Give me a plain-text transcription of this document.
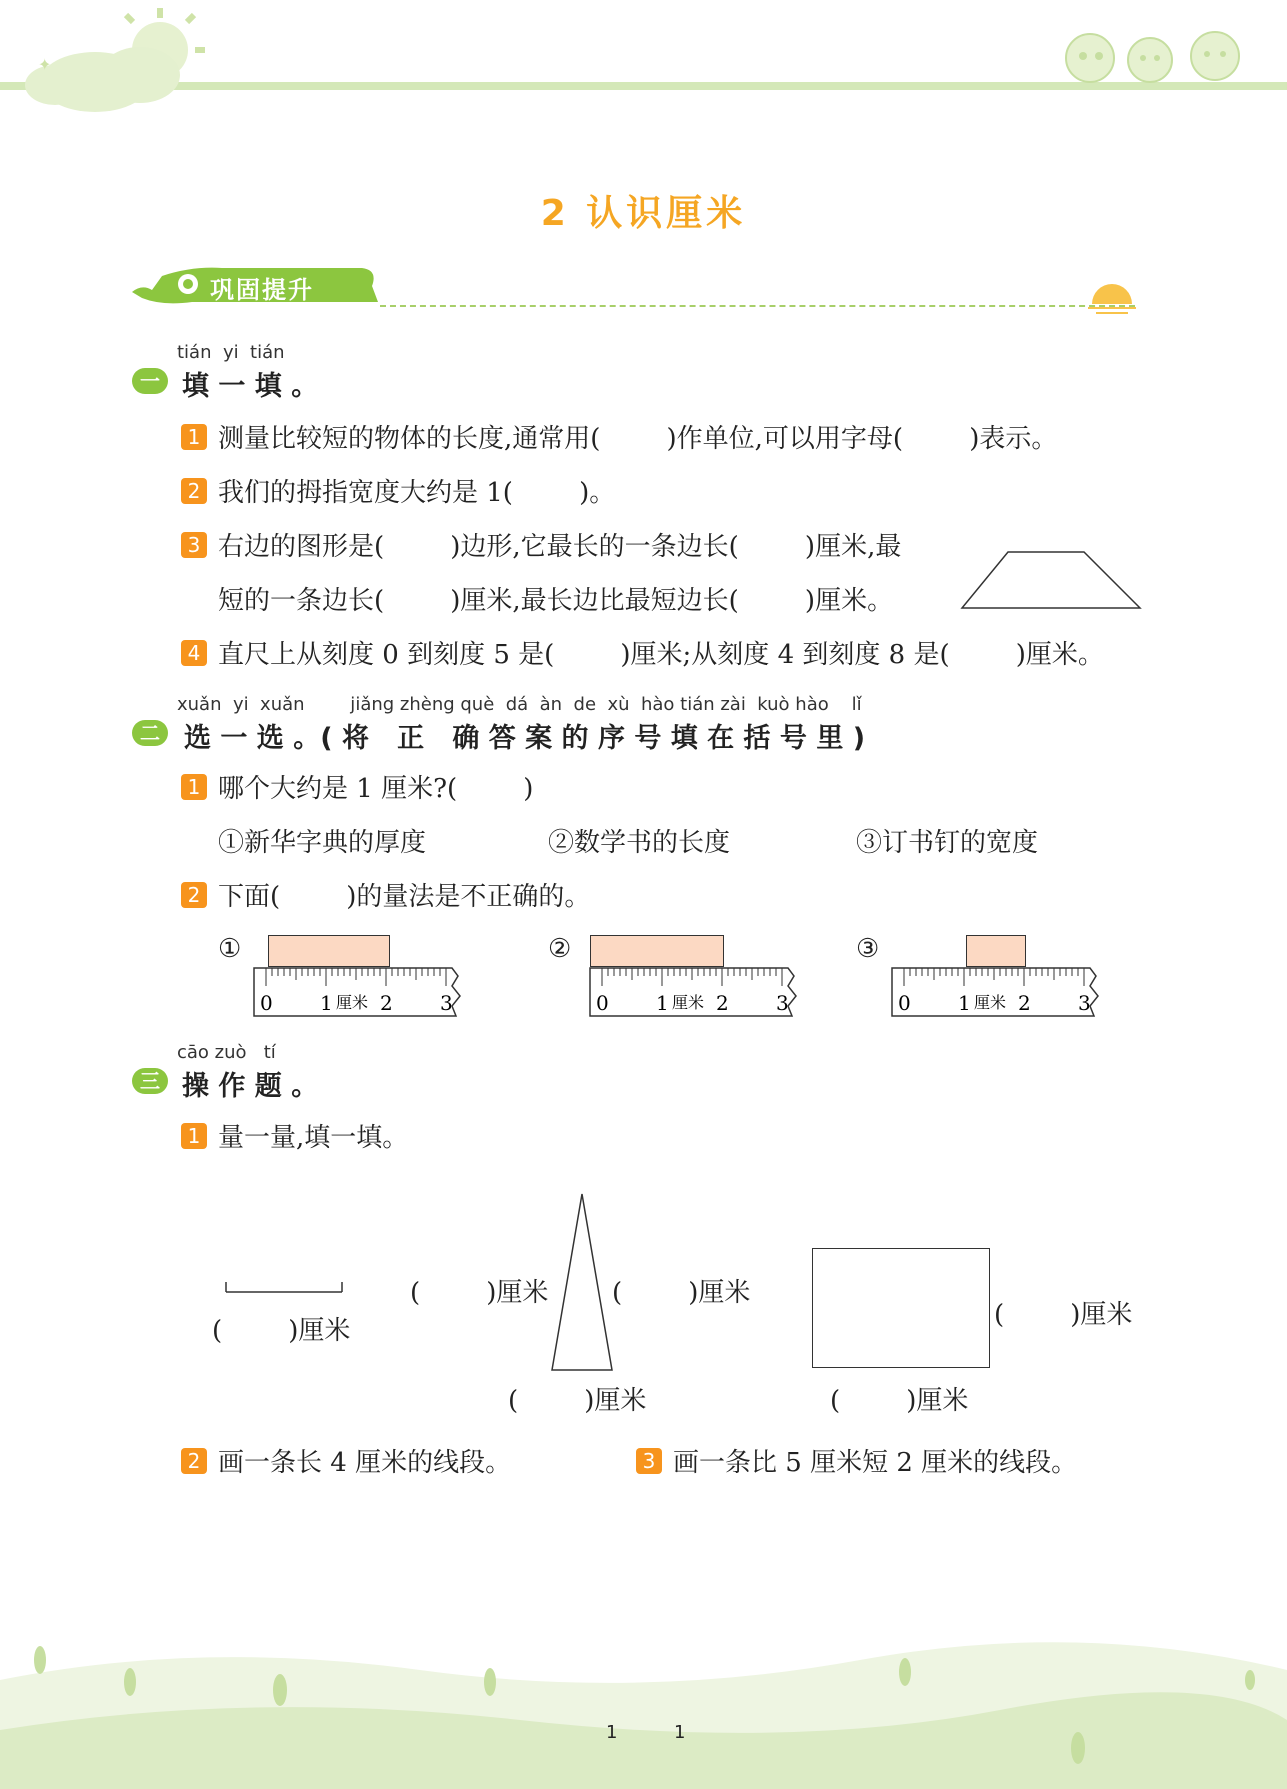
✦
2 认识厘米
巩固提升
tián  yi  tián
一 填 一 填 。
1 测量比较短的物体的长度,通常用(        )作单位,可以用字母(        )表示。
2 我们的拇指宽度大约是 1(        )。
3 右边的图形是(        )边形,它最长的一条边长(        )厘米,最
短的一条边长(        )厘米,最长边比最短边长(        )厘米。
4 直尺上从刻度 0 到刻度 5 是(        )厘米;从刻度 4 到刻度 8 是(        )厘米。
xuǎn  yi  xuǎn        jiǎng zhèng què  dá  àn  de  xù  hào tián zài  kuò hào    lǐ
二 选 一 选 。( 将   正   确 答 案 的 序 号 填 在 括 号 里 )
1 哪个大约是 1 厘米?(        )
①新华字典的厚度	②数学书的长度	③订书钉的宽度
2 下面(        )的量法是不正确的。
①	②	③
0 1 2 3
厘米	0 1 2 3
厘米	0 1 2 3
厘米
cāo zuò   tí
三 操 作 题 。
1 量一量,填一填。
(        )厘米
(        )厘米 (        )厘米
(        )厘米
(        )厘米
(        )厘米
2 画一条长 4 厘米的线段。	3 画一条比 5 厘米短 2 厘米的线段。
1	1
